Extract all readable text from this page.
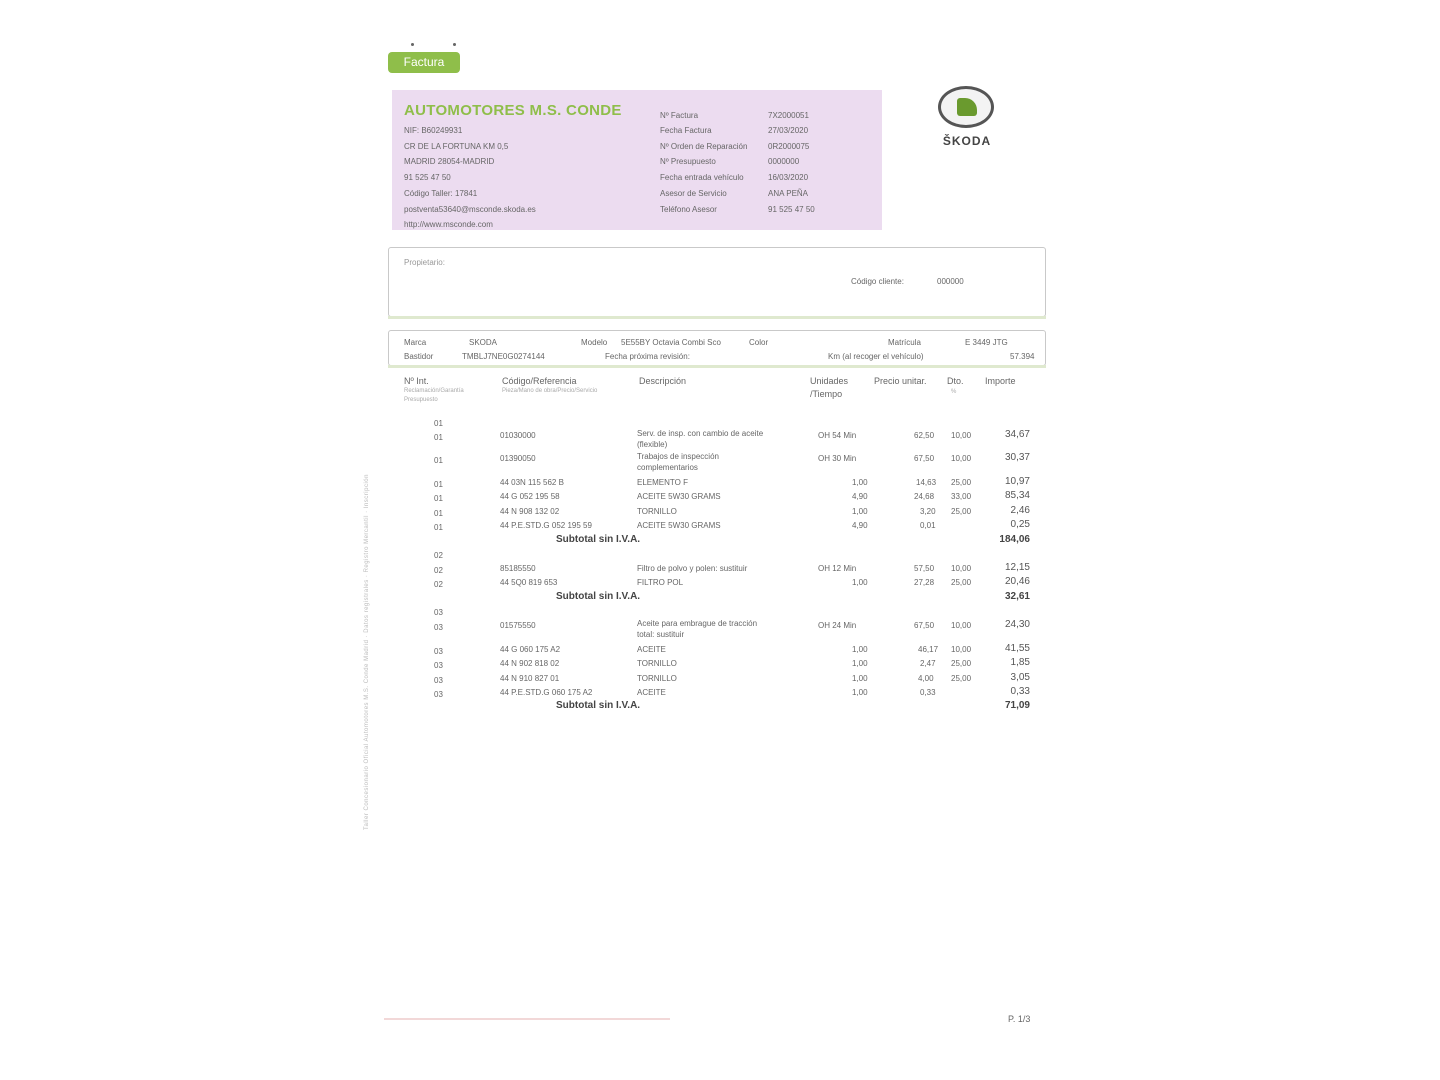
Factura
AUTOMOTORES M.S. CONDE
NIF: B60249931
CR DE LA FORTUNA KM 0,5
MADRID 28054-MADRID
91 525 47 50
Código Taller: 17841
postventa53640@msconde.skoda.es
http://www.msconde.com
Nº Factura	7X2000051
Fecha Factura	27/03/2020
Nº Orden de Reparación	0R2000075
Nº Presupuesto	0000000
Fecha entrada vehículo	16/03/2020
Asesor de Servicio	ANA PEÑA
Teléfono Asesor	91 525 47 50
ŠKODA
Propietario:
Código cliente:	000000
Marca	SKODA	Modelo 5E55BY Octavia Combi Sco	Color	Matrícula	E 3449 JTG
Bastidor	TMBLJ7NE0G0274144	Fecha próxima revisión:	Km (al recoger el vehículo)	57.394
Nº Int.
Reclamación/Garantía
Presupuesto
Código/Referencia
Pieza/Mano de obra/Precio/Servicio
Descripción	Unidades
/Tiempo
Precio unitar. Dto.
%
Importe
01
01	01030000	Serv. de insp. con cambio de aceite
(flexible)
OH 54 Min	62,50 10,00	34,67
01	01390050	Trabajos de inspección
complementarios
OH 30 Min	67,50 10,00	30,37
01	44 03N 115 562 B	ELEMENTO F	1,00	14,63 25,00	10,97
01	44 G 052 195 58	ACEITE 5W30 GRAMS	4,90	24,68 33,00	85,34
01	44 N 908 132 02	TORNILLO	1,00	3,20 25,00	2,46
01	44 P.E.STD.G 052 195 59	ACEITE 5W30 GRAMS	4,90	0,01	0,25
Subtotal sin I.V.A.	184,06
02
02	85185550	Filtro de polvo y polen: sustituir	OH 12 Min	57,50 10,00	12,15
02	44 5Q0 819 653	FILTRO POL	1,00	27,28 25,00	20,46
Subtotal sin I.V.A.	32,61
03
03	01575550	Aceite para embrague de tracción
total: sustituir
OH 24 Min	67,50 10,00	24,30
03	44 G 060 175 A2	ACEITE	1,00	46,17 10,00	41,55
03	44 N 902 818 02	TORNILLO	1,00	2,47 25,00	1,85
03	44 N 910 827 01	TORNILLO	1,00	4,00 25,00	3,05
03	44 P.E.STD.G 060 175 A2	ACEITE	1,00	0,33	0,33
Subtotal sin I.V.A.	71,09
Taller Concesionario Oficial Automotores M.S. Conde Madrid · Datos registrales · Registro Mercantil · Inscripción
P. 1/3
